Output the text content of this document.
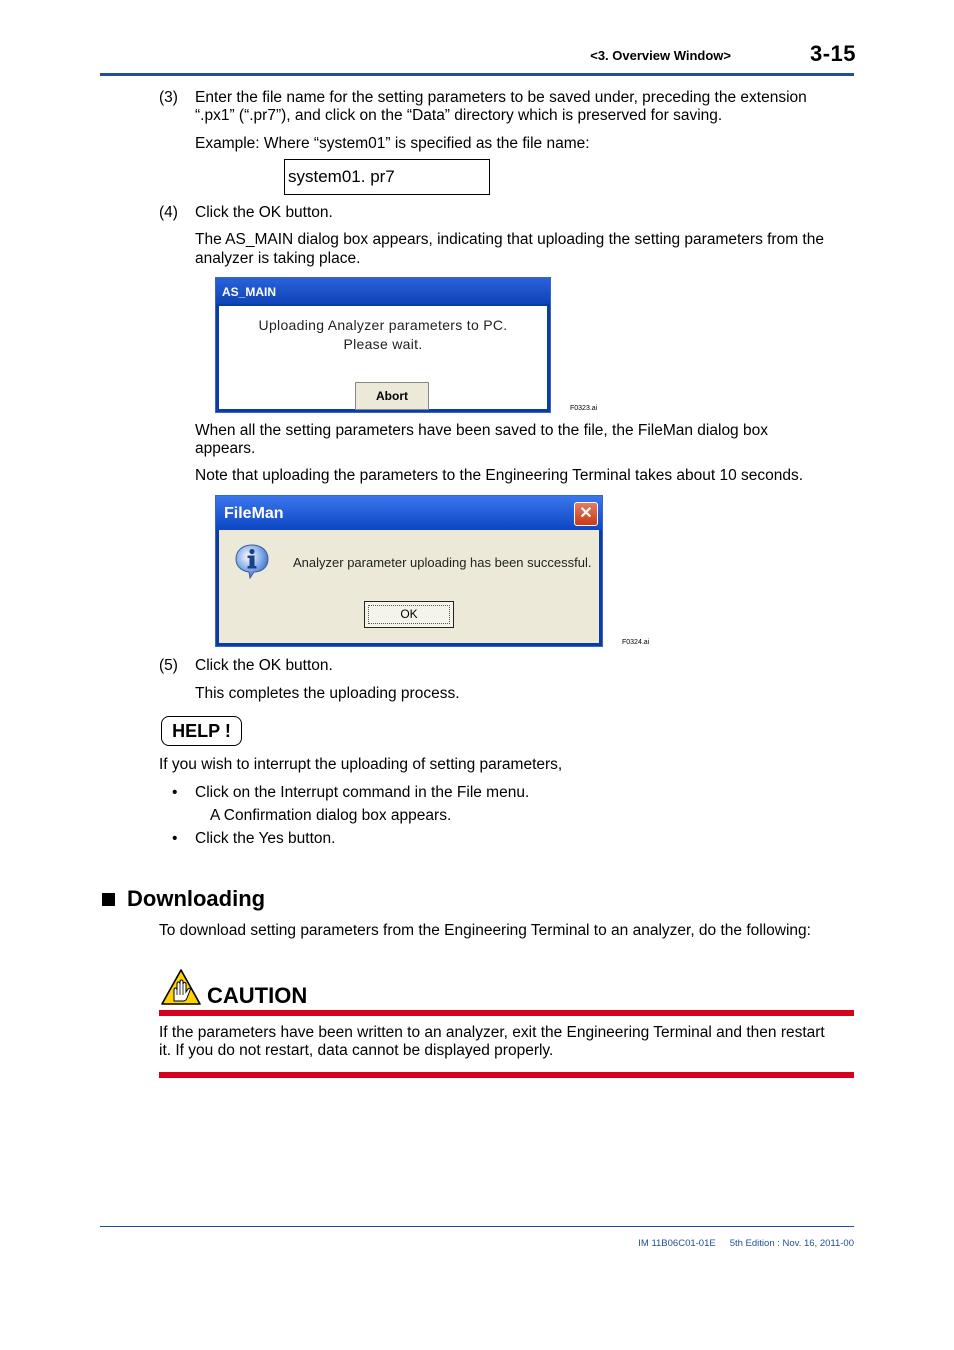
<3. Overview Window>	3-15
(3) Enter the file name for the setting parameters to be saved under, preceding the extension
“.px1” (“.pr7”), and click on the “Data” directory which is preserved for saving.
Example: Where “system01” is specified as the file name:
system01. pr7
(4) Click the OK button.
The AS_MAIN dialog box appears, indicating that uploading the setting parameters from the
analyzer is taking place.
AS_MAIN
Uploading Analyzer parameters to PC.
Please wait.
Abort
F0323.ai
When all the setting parameters have been saved to the file, the FileMan dialog box
appears.
Note that uploading the parameters to the Engineering Terminal takes about 10 seconds.
FileMan	✕
Analyzer parameter uploading has been successful.
OK
F0324.ai
(5) Click the OK button.
This completes the uploading process.
HELP !
If you wish to interrupt the uploading of setting parameters,
• Click on the Interrupt command in the File menu.
A Confirmation dialog box appears.
• Click the Yes button.
Downloading
To download setting parameters from the Engineering Terminal to an analyzer, do the following:
CAUTION
If the parameters have been written to an analyzer, exit the Engineering Terminal and then restart
it. If you do not restart, data cannot be displayed properly.
IM 11B06C01-01E 5th Edition : Nov. 16, 2011-00
